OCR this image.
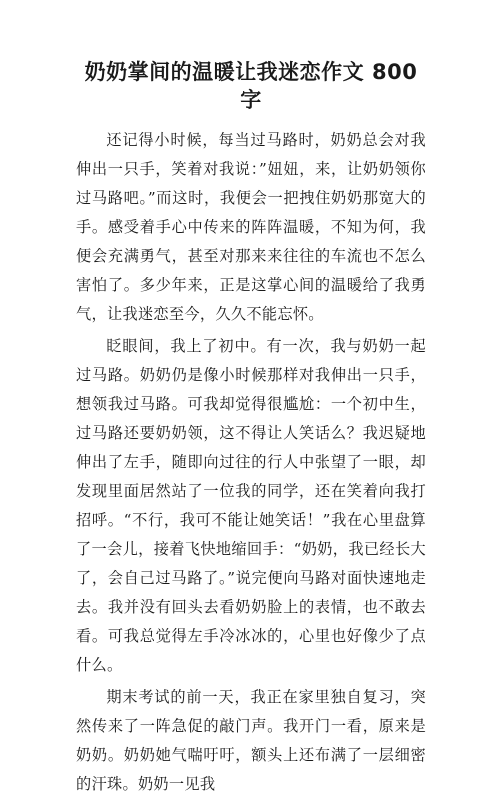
奶奶掌间的温暖让我迷恋作文 800 字

还记得小时候，每当过马路时，奶奶总会对我伸出一只手，笑着对我说：”妞妞，来，让奶奶领你过马路吧。”而这时，我便会一把拽住奶奶那宽大的手。感受着手心中传来的阵阵温暖，不知为何，我便会充满勇气，甚至对那来来往往的车流也不怎么害怕了。多少年来，正是这掌心间的温暖给了我勇气，让我迷恋至今，久久不能忘怀。

眨眼间，我上了初中。有一次，我与奶奶一起过马路。奶奶仍是像小时候那样对我伸出一只手，想领我过马路。可我却觉得很尴尬：一个初中生，过马路还要奶奶领，这不得让人笑话么？我迟疑地伸出了左手，随即向过往的行人中张望了一眼，却发现里面居然站了一位我的同学，还在笑着向我打招呼。“不行，我可不能让她笑话！”我在心里盘算了一会儿，接着飞快地缩回手：“奶奶，我已经长大了，会自己过马路了。”说完便向马路对面快速地走去。我并没有回头去看奶奶脸上的表情，也不敢去看。可我总觉得左手冷冰冰的，心里也好像少了点什么。

期末考试的前一天，我正在家里独自复习，突然传来了一阵急促的敲门声。我开门一看，原来是奶奶。奶奶她气喘吁吁，额头上还布满了一层细密的汗珠。奶奶一见我
